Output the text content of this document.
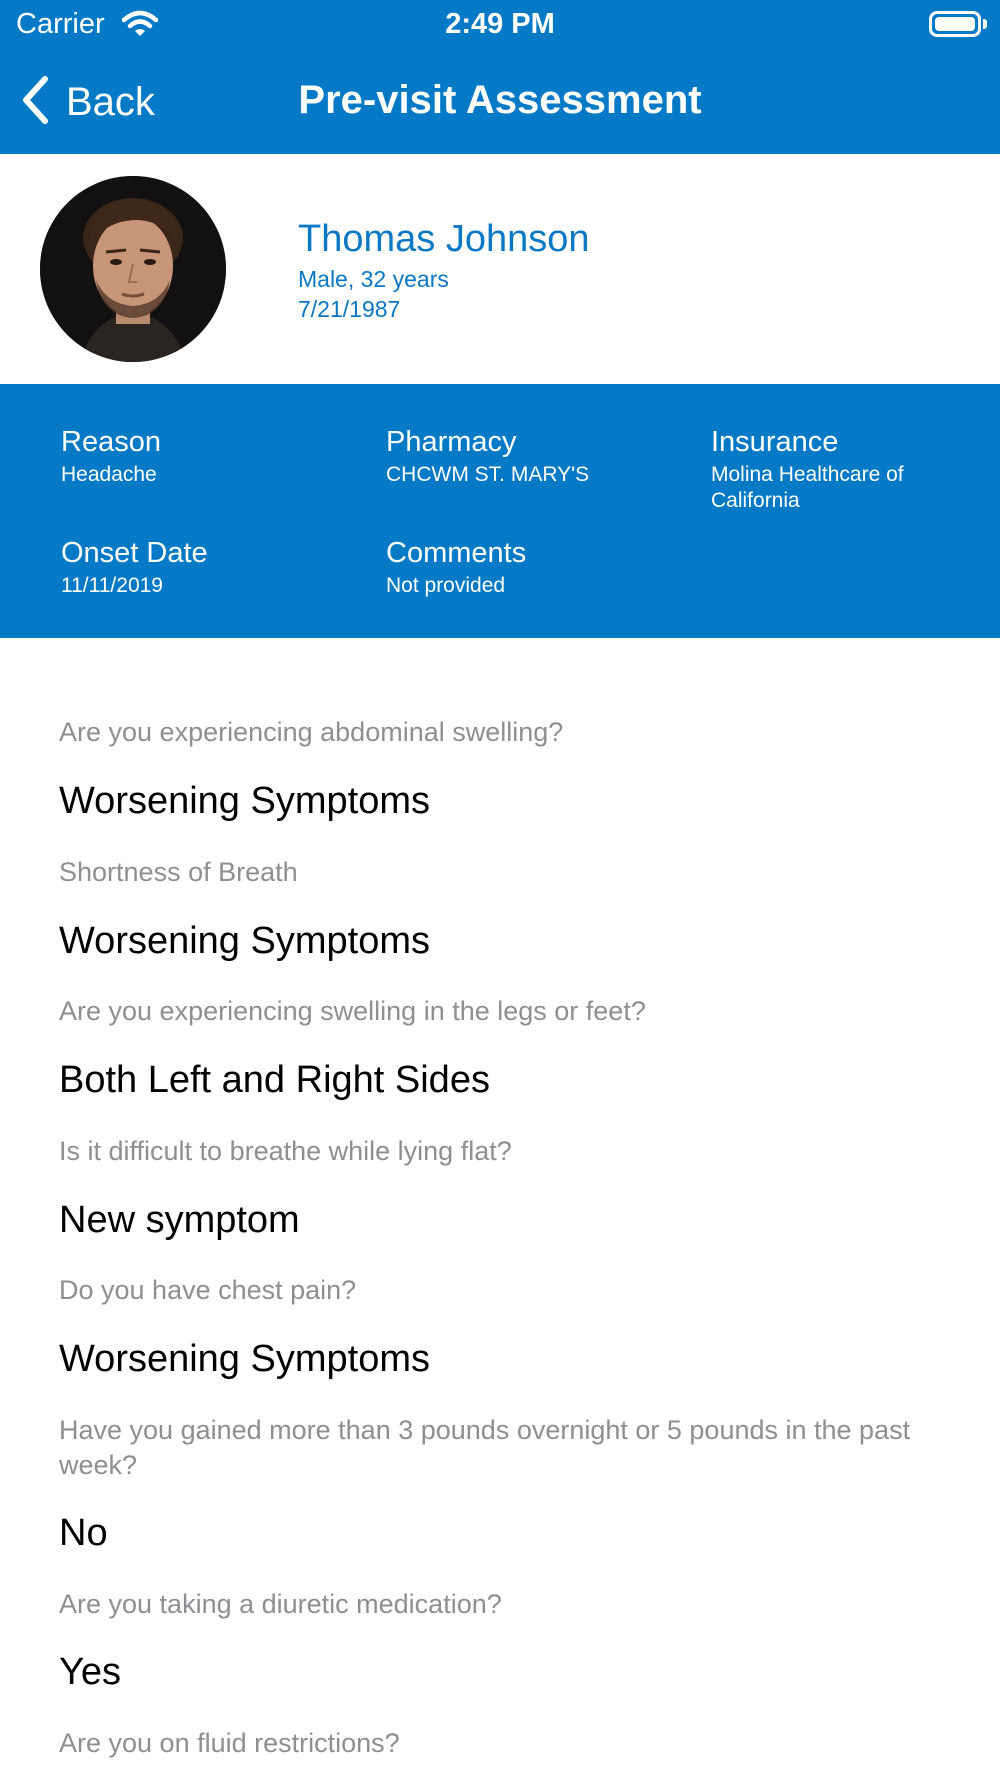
Carrier	2:49 PM
Back	Pre-visit Assessment
Thomas Johnson
Male, 32 years
7/21/1987
Reason
Headache
Pharmacy
CHCWM ST. MARY'S
Insurance
Molina Healthcare of
California
Onset Date
11/11/2019
Comments
Not provided
Are you experiencing abdominal swelling?
Worsening Symptoms
Shortness of Breath
Worsening Symptoms
Are you experiencing swelling in the legs or feet?
Both Left and Right Sides
Is it difficult to breathe while lying flat?
New symptom
Do you have chest pain?
Worsening Symptoms
Have you gained more than 3 pounds overnight or 5 pounds in the past week?
No
Are you taking a diuretic medication?
Yes
Are you on fluid restrictions?
